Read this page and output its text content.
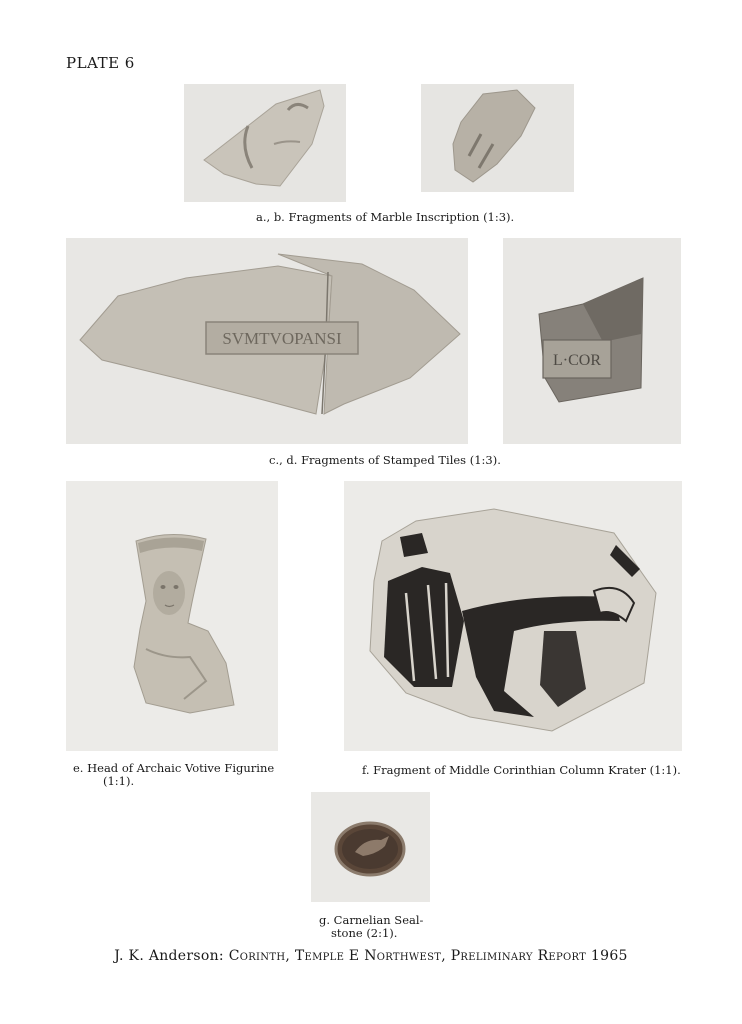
PLATE 6
a., b. Fragments of Marble Inscription (1:3).
SVMTVOPANSI
L·COR
c., d. Fragments of Stamped Tiles (1:3).
e. Head of Archaic Votive Figurine
(1:1).
f. Fragment of Middle Corinthian Column Krater (1:1).
g. Carnelian Seal-
stone (2:1).
J. K. Anderson: Corinth, Temple E Northwest, Preliminary Report 1965
